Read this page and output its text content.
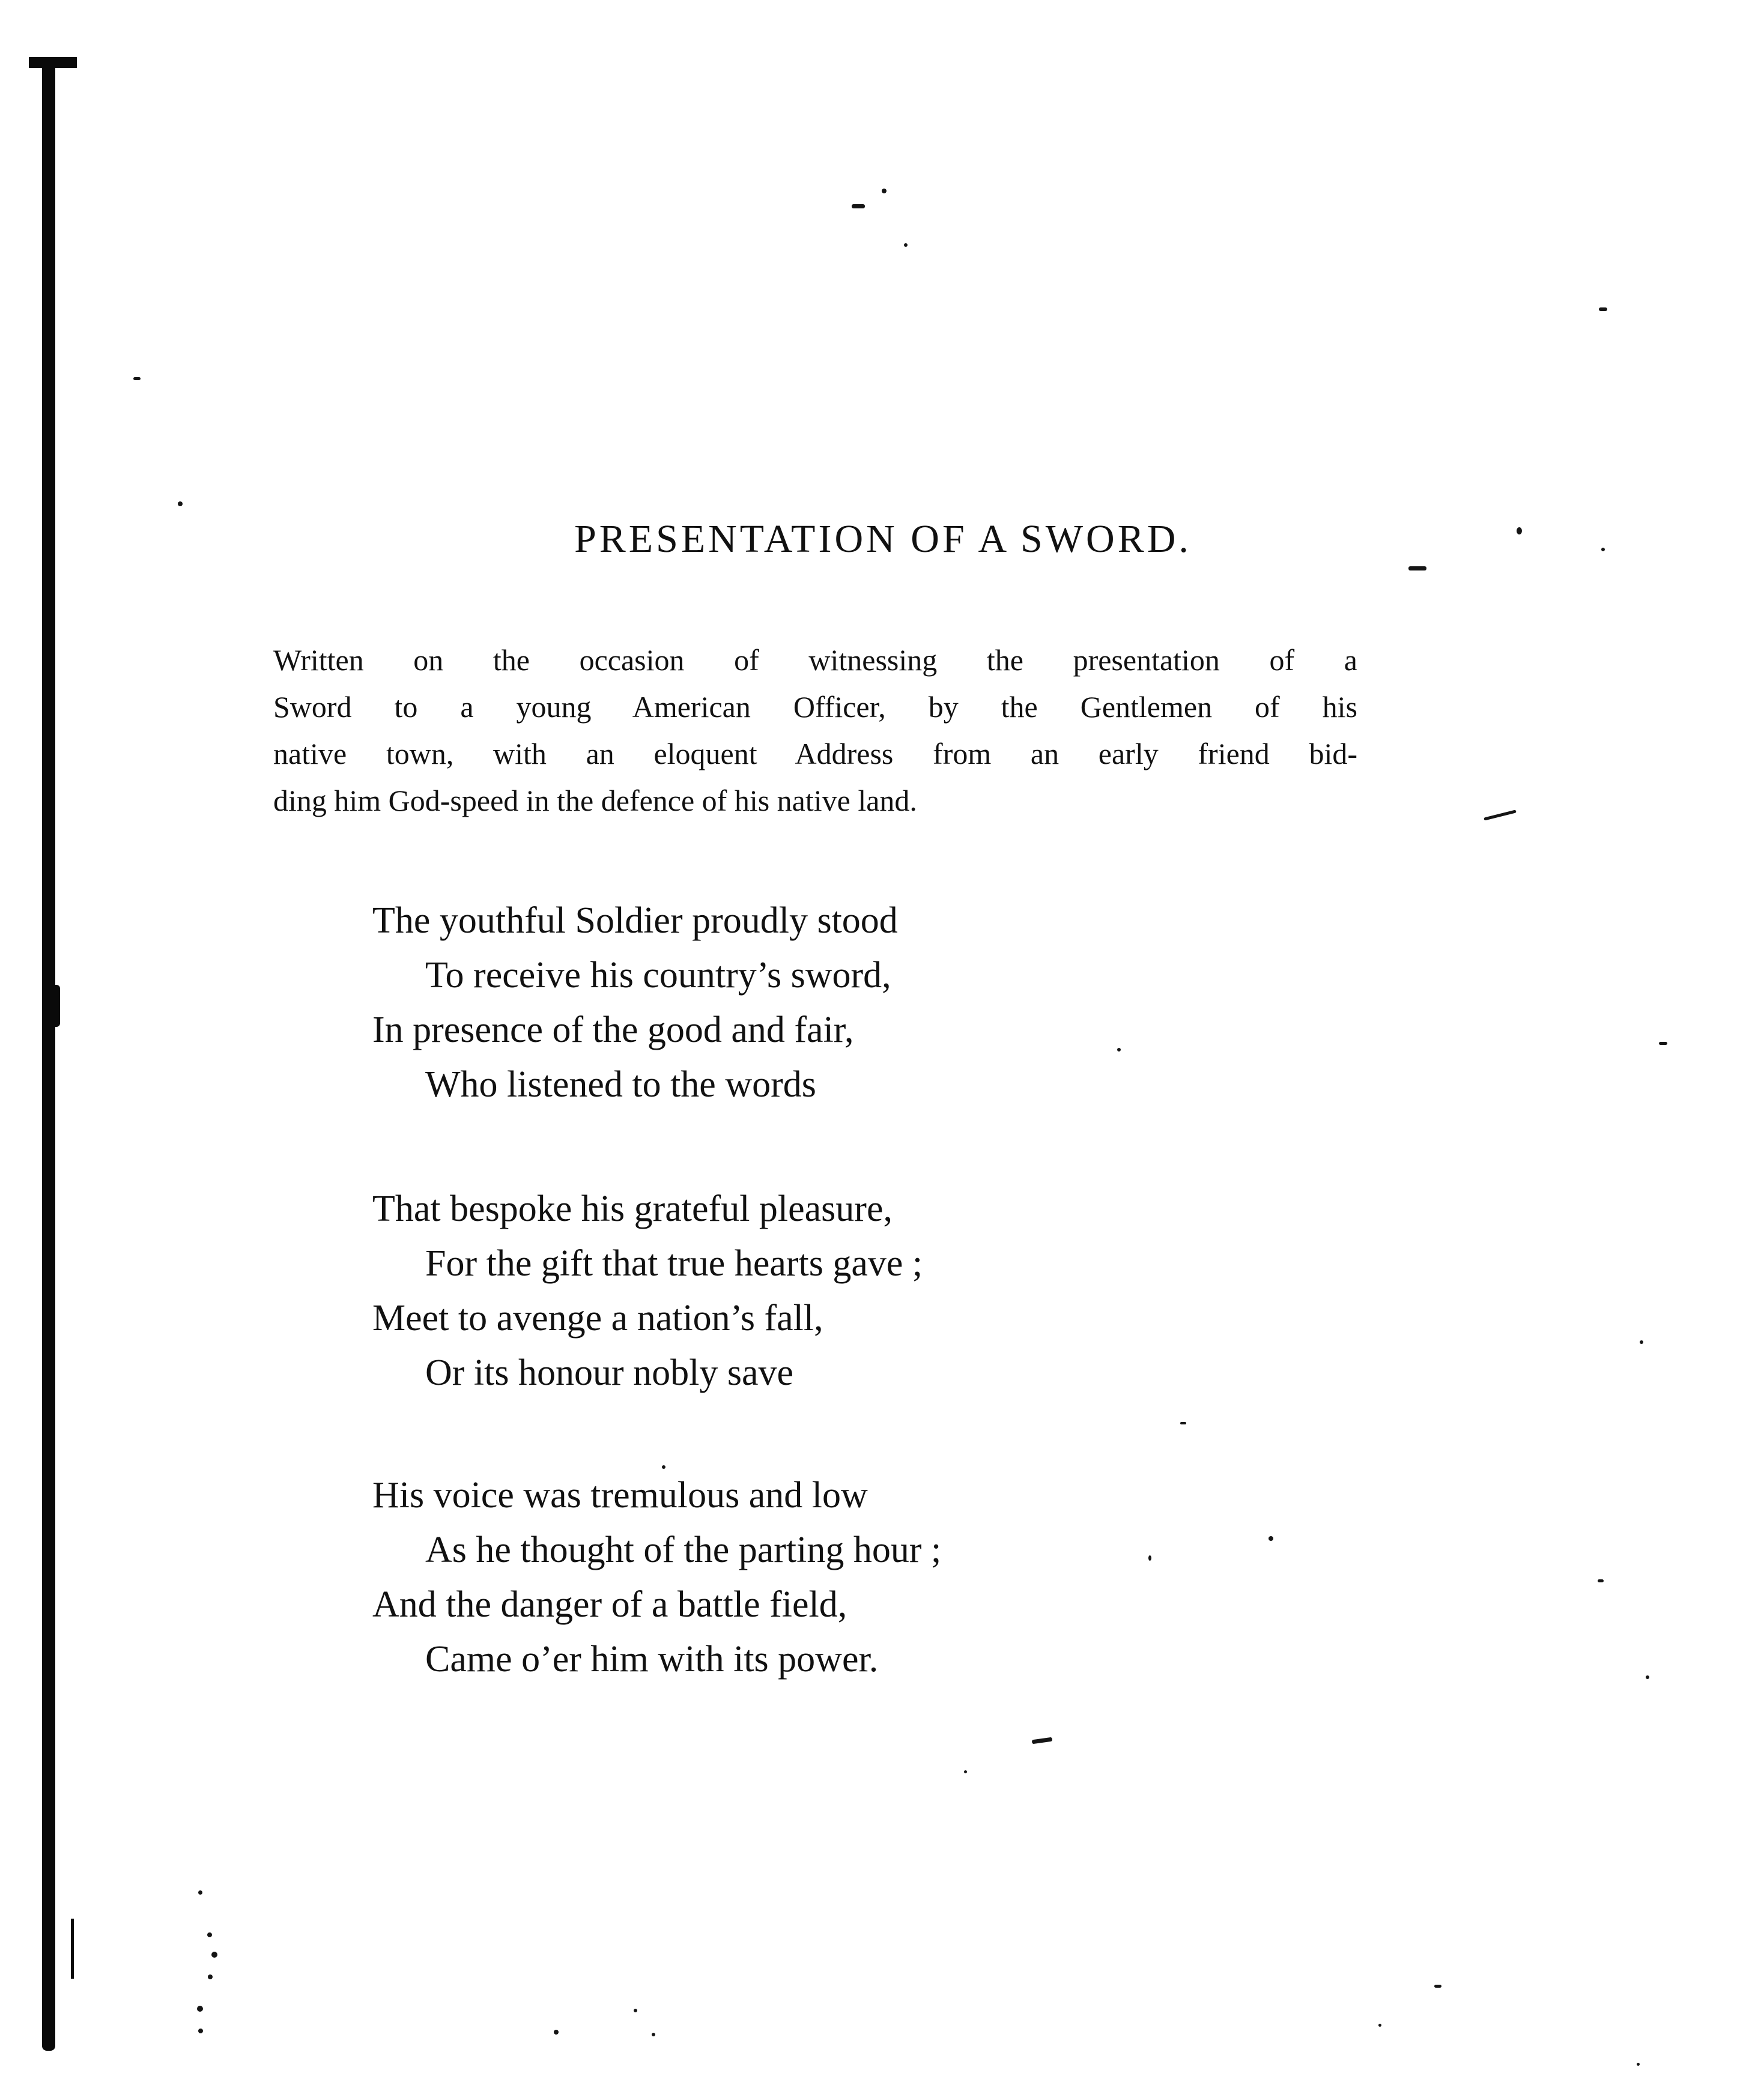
PRESENTATION OF A SWORD.

Written on the occasion of witnessing the presentation of a
Sword to a young American Officer, by the Gentlemen of his
native town, with an eloquent Address from an early friend bid-
ding him God-speed in the defence of his native land.

The youthful Soldier proudly stood
To receive his country’s sword,
In presence of the good and fair,
Who listened to the words
That bespoke his grateful pleasure,
For the gift that true hearts gave ;
Meet to avenge a nation’s fall,
Or its honour nobly save
His voice was tremulous and low
As he thought of the parting hour ;
And the danger of a battle field,
Came o’er him with its power.
